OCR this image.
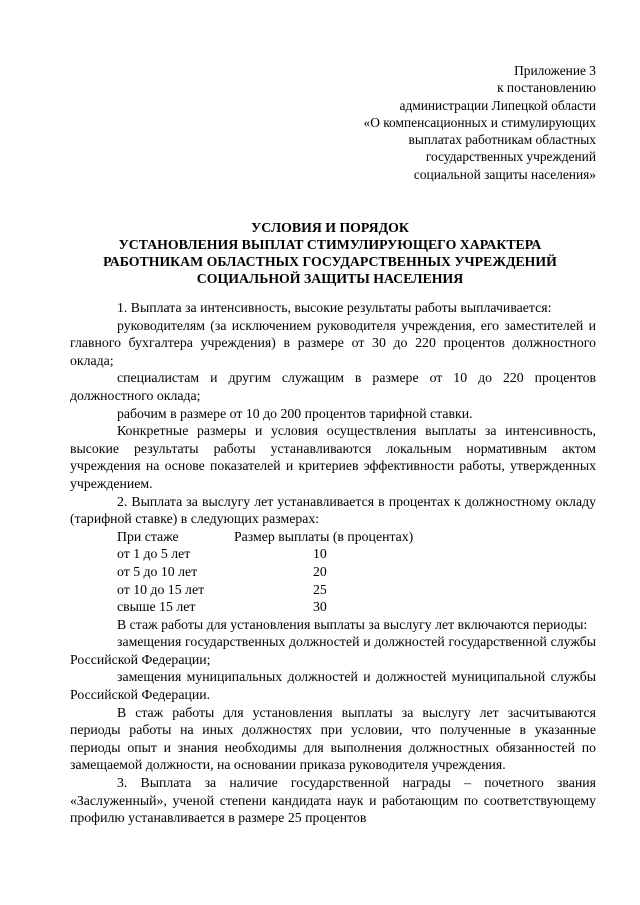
Приложение 3
к постановлению
администрации Липецкой области
«О компенсационных и стимулирующих
выплатах работникам областных
государственных учреждений
социальной защиты населения»
УСЛОВИЯ И ПОРЯДОК
УСТАНОВЛЕНИЯ ВЫПЛАТ СТИМУЛИРУЮЩЕГО ХАРАКТЕРА
РАБОТНИКАМ ОБЛАСТНЫХ ГОСУДАРСТВЕННЫХ УЧРЕЖДЕНИЙ
СОЦИАЛЬНОЙ ЗАЩИТЫ НАСЕЛЕНИЯ

1. Выплата за интенсивность, высокие результаты работы выплачивается:

руководителям (за исключением руководителя учреждения, его заместителей и главного бухгалтера учреждения) в размере от 30 до 220 процентов должностного оклада;

специалистам и другим служащим в размере от 10 до 220 процентов должностного оклада;

рабочим в размере от 10 до 200 процентов тарифной ставки.

Конкретные размеры и условия осуществления выплаты за интенсивность, высокие результаты работы устанавливаются локальным нормативным актом учреждения на основе показателей и критериев эффективности работы, утвержденных учреждением.

2. Выплата за выслугу лет устанавливается в процентах к должностному окладу (тарифной ставке) в следующих размерах:

При стаже	Размер выплаты (в процентах)
от 1 до 5 лет	10
от 5 до 10 лет	20
от 10 до 15 лет	25
свыше 15 лет	30

В стаж работы для установления выплаты за выслугу лет включаются периоды:

замещения государственных должностей и должностей государственной службы Российской Федерации;

замещения муниципальных должностей и должностей муниципальной службы Российской Федерации.

В стаж работы для установления выплаты за выслугу лет засчитываются периоды работы на иных должностях при условии, что полученные в указанные периоды опыт и знания необходимы для выполнения должностных обязанностей по замещаемой должности, на основании приказа руководителя учреждения.

3. Выплата за наличие государственной награды – почетного звания «Заслуженный», ученой степени кандидата наук и работающим по соответствующему профилю устанавливается в размере 25 процентов
